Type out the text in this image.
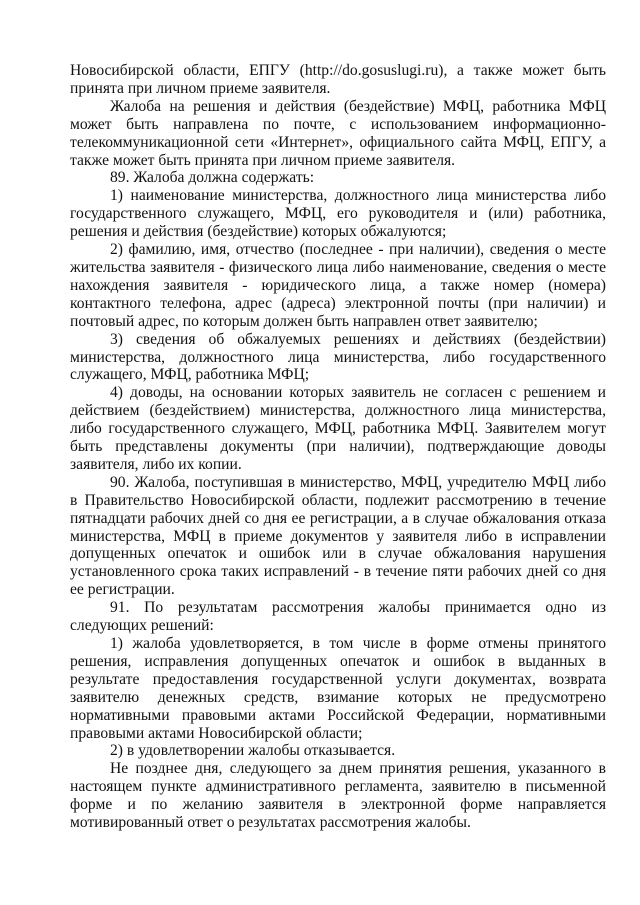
Новосибирской области, ЕПГУ (http://do.gosuslugi.ru), а также может быть принята при личном приеме заявителя.

Жалоба на решения и действия (бездействие) МФЦ, работника МФЦ может быть направлена по почте, с использованием информационно-телекоммуникационной сети «Интернет», официального сайта МФЦ, ЕПГУ, а также может быть принята при личном приеме заявителя.

89. Жалоба должна содержать:

1) наименование министерства, должностного лица министерства либо государственного служащего, МФЦ, его руководителя и (или) работника, решения и действия (бездействие) которых обжалуются;

2) фамилию, имя, отчество (последнее - при наличии), сведения о месте жительства заявителя - физического лица либо наименование, сведения о месте нахождения заявителя - юридического лица, а также номер (номера) контактного телефона, адрес (адреса) электронной почты (при наличии) и почтовый адрес, по которым должен быть направлен ответ заявителю;

3) сведения об обжалуемых решениях и действиях (бездействии) министерства, должностного лица министерства, либо государственного служащего, МФЦ, работника МФЦ;

4) доводы, на основании которых заявитель не согласен с решением и действием (бездействием) министерства, должностного лица министерства, либо государственного служащего, МФЦ, работника МФЦ. Заявителем могут быть представлены документы (при наличии), подтверждающие доводы заявителя, либо их копии.

90. Жалоба, поступившая в министерство, МФЦ, учредителю МФЦ либо в Правительство Новосибирской области, подлежит рассмотрению в течение пятнадцати рабочих дней со дня ее регистрации, а в случае обжалования отказа министерства, МФЦ в приеме документов у заявителя либо в исправлении допущенных опечаток и ошибок или в случае обжалования нарушения установленного срока таких исправлений - в течение пяти рабочих дней со дня ее регистрации.

91. По результатам рассмотрения жалобы принимается одно из следующих решений:

1) жалоба удовлетворяется, в том числе в форме отмены принятого решения, исправления допущенных опечаток и ошибок в выданных в результате предоставления государственной услуги документах, возврата заявителю денежных средств, взимание которых не предусмотрено нормативными правовыми актами Российской Федерации, нормативными правовыми актами Новосибирской области;

2) в удовлетворении жалобы отказывается.

Не позднее дня, следующего за днем принятия решения, указанного в настоящем пункте административного регламента, заявителю в письменной форме и по желанию заявителя в электронной форме направляется мотивированный ответ о результатах рассмотрения жалобы.
